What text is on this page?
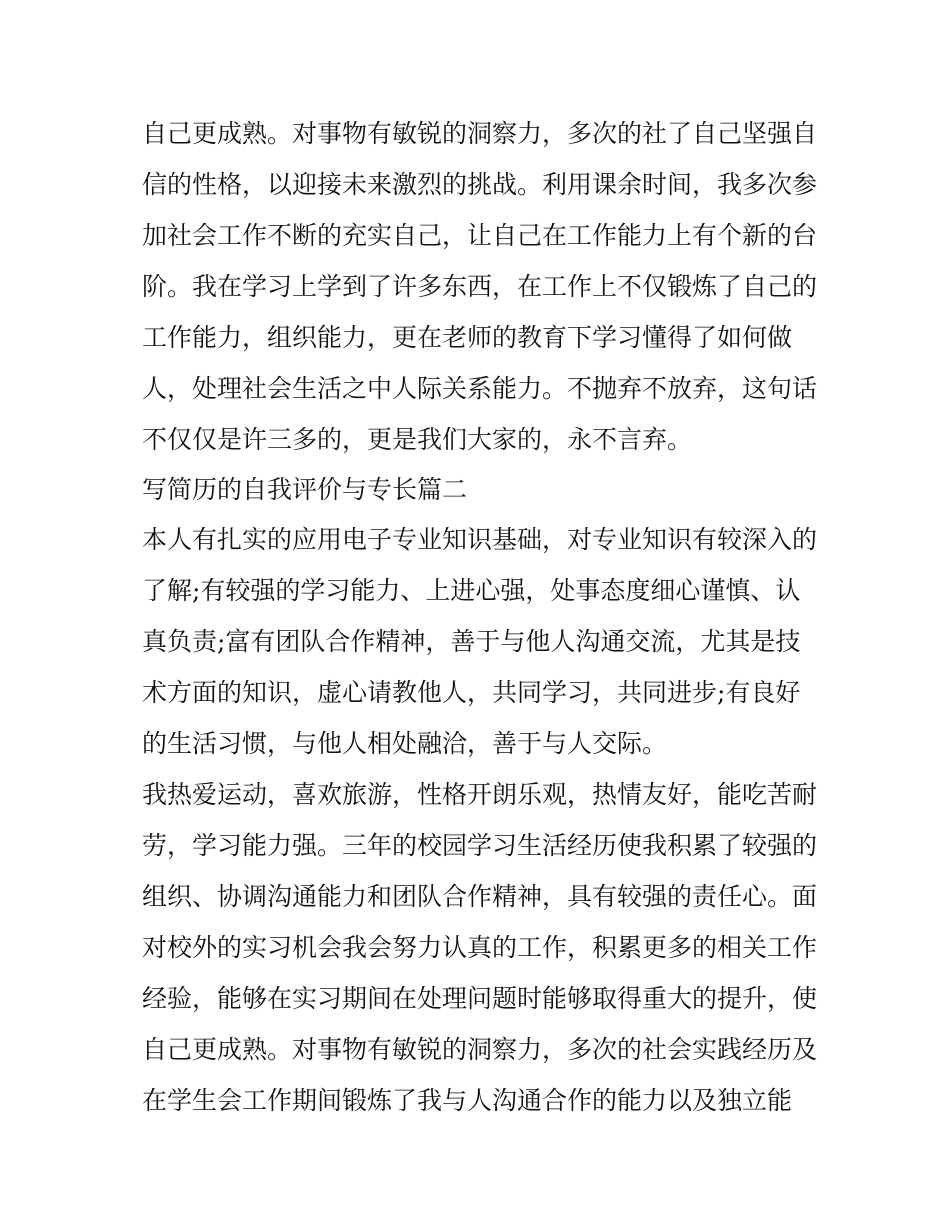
自己更成熟。对事物有敏锐的洞察力，多次的社了自己坚强自
信的性格，以迎接未来激烈的挑战。利用课余时间，我多次参
加社会工作不断的充实自己，让自己在工作能力上有个新的台
阶。我在学习上学到了许多东西，在工作上不仅锻炼了自己的
工作能力，组织能力，更在老师的教育下学习懂得了如何做
人，处理社会生活之中人际关系能力。不抛弃不放弃，这句话
不仅仅是许三多的，更是我们大家的，永不言弃。
写简历的自我评价与专长篇二
本人有扎实的应用电子专业知识基础，对专业知识有较深入的
了解;有较强的学习能力、上进心强，处事态度细心谨慎、认
真负责;富有团队合作精神，善于与他人沟通交流，尤其是技
术方面的知识，虚心请教他人，共同学习，共同进步;有良好
的生活习惯，与他人相处融洽，善于与人交际。
我热爱运动，喜欢旅游，性格开朗乐观，热情友好，能吃苦耐
劳，学习能力强。三年的校园学习生活经历使我积累了较强的
组织、协调沟通能力和团队合作精神，具有较强的责任心。面
对校外的实习机会我会努力认真的工作，积累更多的相关工作
经验，能够在实习期间在处理问题时能够取得重大的提升，使
自己更成熟。对事物有敏锐的洞察力，多次的社会实践经历及
在学生会工作期间锻炼了我与人沟通合作的能力以及独立能
